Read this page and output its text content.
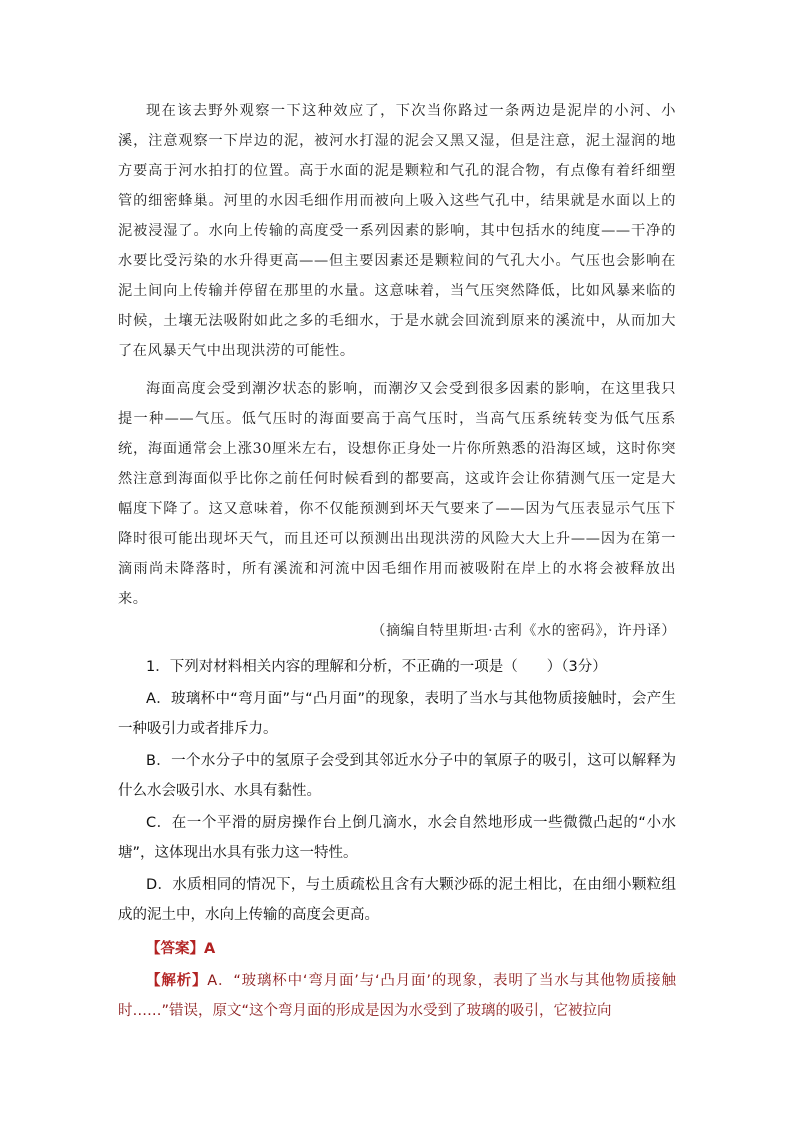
现在该去野外观察一下这种效应了，下次当你路过一条两边是泥岸的小河、小溪，注意观察一下岸边的泥，被河水打湿的泥会又黑又湿，但是注意，泥土湿润的地方要高于河水拍打的位置。高于水面的泥是颗粒和气孔的混合物，有点像有着纤细塑管的细密蜂巢。河里的水因毛细作用而被向上吸入这些气孔中，结果就是水面以上的泥被浸湿了。水向上传输的高度受一系列因素的影响，其中包括水的纯度——干净的水要比受污染的水升得更高——但主要因素还是颗粒间的气孔大小。气压也会影响在泥土间向上传输并停留在那里的水量。这意味着，当气压突然降低，比如风暴来临的时候，土壤无法吸附如此之多的毛细水，于是水就会回流到原来的溪流中，从而加大了在风暴天气中出现洪涝的可能性。

海面高度会受到潮汐状态的影响，而潮汐又会受到很多因素的影响，在这里我只提一种——气压。低气压时的海面要高于高气压时，当高气压系统转变为低气压系统，海面通常会上涨30厘米左右，设想你正身处一片你所熟悉的沿海区域，这时你突然注意到海面似乎比你之前任何时候看到的都要高，这或许会让你猜测气压一定是大幅度下降了。这又意味着，你不仅能预测到坏天气要来了——因为气压表显示气压下降时很可能出现坏天气，而且还可以预测出出现洪涝的风险大大上升——因为在第一滴雨尚未降落时，所有溪流和河流中因毛细作用而被吸附在岸上的水将会被释放出来。

（摘编自特里斯坦·古利《水的密码》，许丹译）

1．下列对材料相关内容的理解和分析，不正确的一项是（　　）（3分）

A．玻璃杯中“弯月面”与“凸月面”的现象，表明了当水与其他物质接触时，会产生一种吸引力或者排斥力。

B．一个水分子中的氢原子会受到其邻近水分子中的氧原子的吸引，这可以解释为什么水会吸引水、水具有黏性。

C．在一个平滑的厨房操作台上倒几滴水，水会自然地形成一些微微凸起的“小水塘”，这体现出水具有张力这一特性。

D．水质相同的情况下，与土质疏松且含有大颗沙砾的泥土相比，在由细小颗粒组成的泥土中，水向上传输的高度会更高。

【答案】A

【解析】A．“玻璃杯中‘弯月面’与‘凸月面’的现象，表明了当水与其他物质接触时……”错误，原文“这个弯月面的形成是因为水受到了玻璃的吸引，它被拉向
